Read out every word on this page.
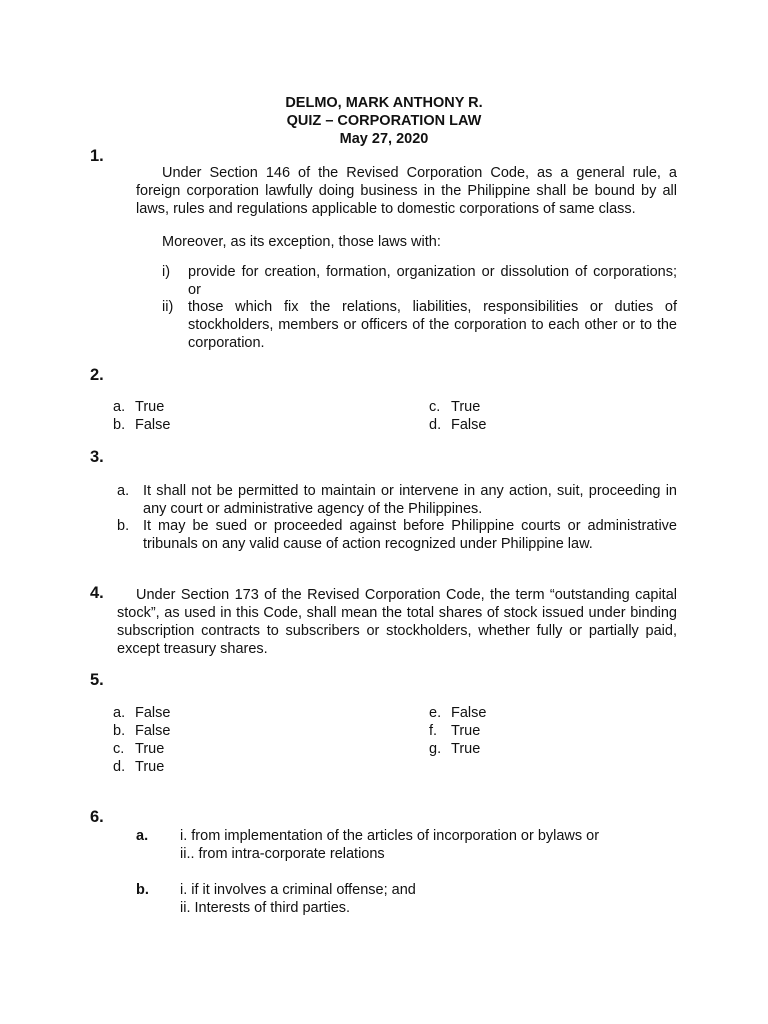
DELMO, MARK ANTHONY R.
QUIZ – CORPORATION LAW
May 27, 2020
1.
Under Section 146 of the Revised Corporation Code, as a general rule, a foreign corporation lawfully doing business in the Philippine shall be bound by all laws, rules and regulations applicable to domestic corporations of same class.
Moreover, as its exception, those laws with:
i) provide for creation, formation, organization or dissolution of corporations; or
ii) those which fix the relations, liabilities, responsibilities or duties of stockholders, members or officers of the corporation to each other or to the corporation.
2.
a. True
b. False
c. True
d. False
3.
a. It shall not be permitted to maintain or intervene in any action, suit, proceeding in any court or administrative agency of the Philippines.
b. It may be sued or proceeded against before Philippine courts or administrative tribunals on any valid cause of action recognized under Philippine law.
4.	Under Section 173 of the Revised Corporation Code, the term “outstanding capital stock”, as used in this Code, shall mean the total shares of stock issued under binding subscription contracts to subscribers or stockholders, whether fully or partially paid, except treasury shares.
5.
a. False
b. False
c. True
d. True
e. False
f. True
g. True
6.
a. i. from implementation of the articles of incorporation or bylaws or
ii.. from intra-corporate relations
b. i. if it involves a criminal offense; and
ii. Interests of third parties.
